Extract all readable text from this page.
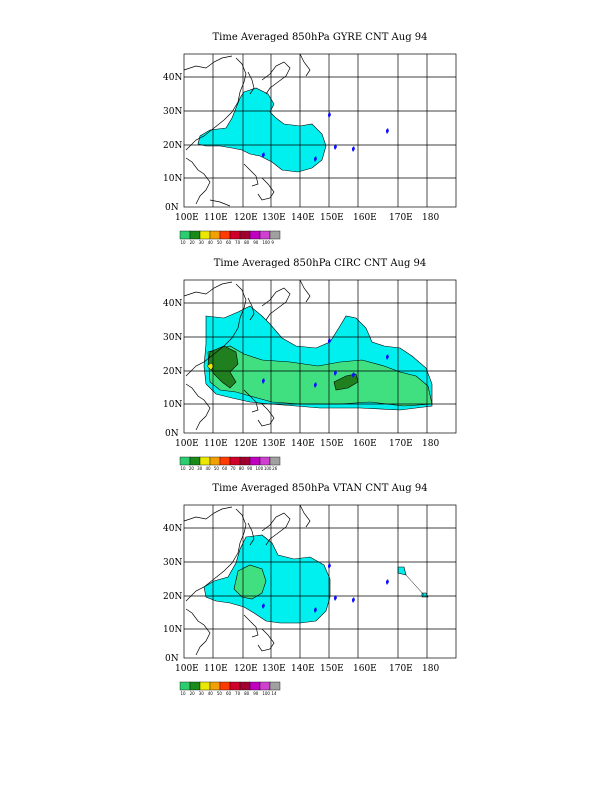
Time Averaged 850hPa GYRE CNT Aug 94
40N
30N
20N
10N
0N
100E 110E 120E 130E 140E 150E 160E 170E 180
10 20 30 40 50 60 70 80 90 100 9
Time Averaged 850hPa CIRC CNT Aug 94
40N
30N
20N
10N
0N
100E 110E 120E 130E 140E 150E 160E 170E 180
10 20 30 40 50 60 70 80 90 100 100 26
Time Averaged 850hPa VTAN CNT Aug 94
40N
30N
20N
10N
0N
100E 110E 120E 130E 140E 150E 160E 170E 180
10 20 30 40 50 60 70 80 90 100 14
